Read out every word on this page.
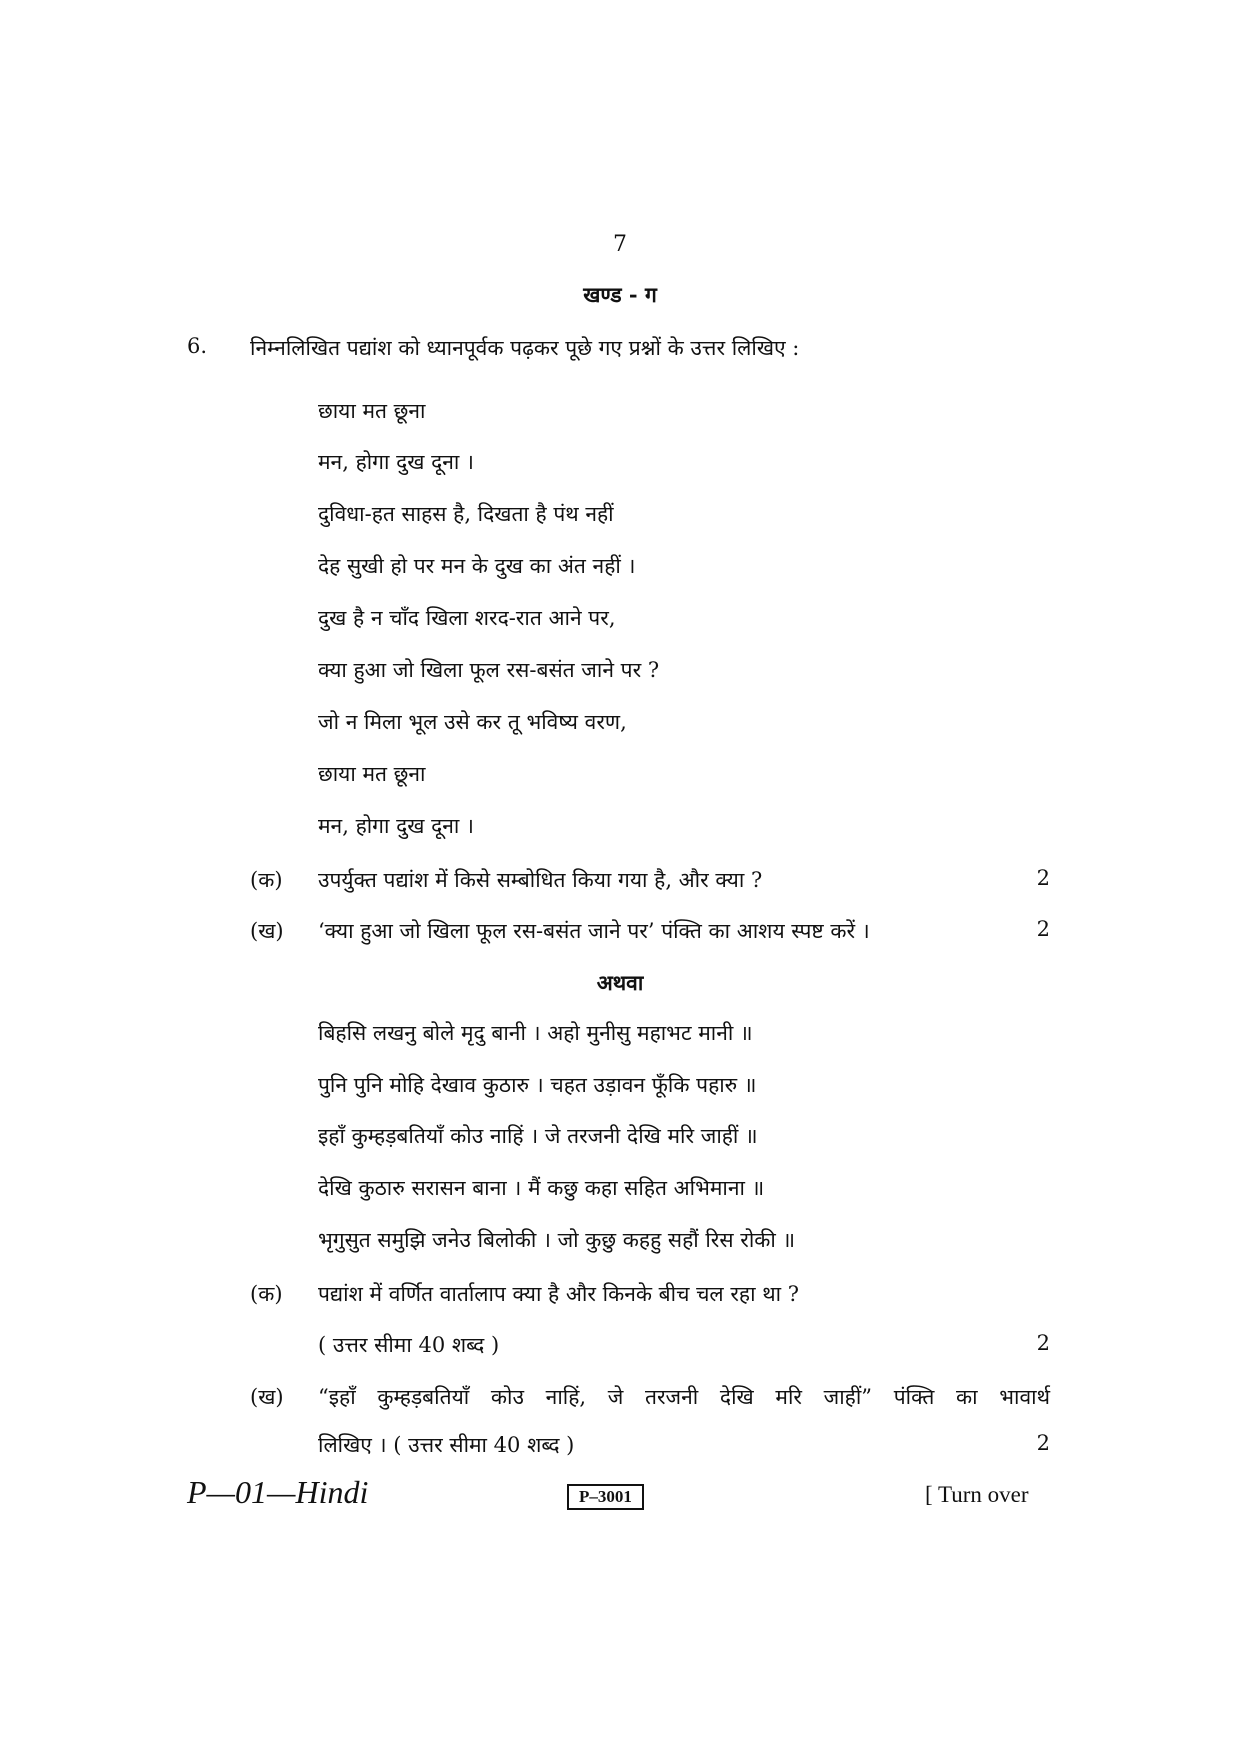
7
खण्ड - ग
6. निम्नलिखित पद्यांश को ध्यानपूर्वक पढ़कर पूछे गए प्रश्नों के उत्तर लिखिए :
छाया मत छूना
मन, होगा दुख दूना ।
दुविधा-हत साहस है, दिखता है पंथ नहीं
देह सुखी हो पर मन के दुख का अंत नहीं ।
दुख है न चाँद खिला शरद-रात आने पर,
क्या हुआ जो खिला फूल रस-बसंत जाने पर ?
जो न मिला भूल उसे कर तू भविष्य वरण,
छाया मत छूना
मन, होगा दुख दूना ।
(क) उपर्युक्त पद्यांश में किसे सम्बोधित किया गया है, और क्या ?	2
(ख) ‘क्या हुआ जो खिला फूल रस-बसंत जाने पर’ पंक्ति का आशय स्पष्ट करें ।	2
अथवा
बिहसि लखनु बोले मृदु बानी । अहो मुनीसु महाभट मानी ॥
पुनि पुनि मोहि देखाव कुठारु । चहत उड़ावन फूँकि पहारु ॥
इहाँ कुम्हड़बतियाँ कोउ नाहिं । जे तरजनी देखि मरि जाहीं ॥
देखि कुठारु सरासन बाना । मैं कछु कहा सहित अभिमाना ॥
भृगुसुत समुझि जनेउ बिलोकी । जो कुछु कहहु सहौं रिस रोकी ॥
(क) पद्यांश में वर्णित वार्तालाप क्या है और किनके बीच चल रहा था ?
( उत्तर सीमा 40 शब्द )	2
(ख) “इहाँ कुम्हड़बतियाँ कोउ नाहिं, जे तरजनी देखि मरि जाहीं” पंक्ति का भावार्थ
लिखिए । ( उत्तर सीमा 40 शब्द )	2
P—01—Hindi	P–3001	[ Turn over
